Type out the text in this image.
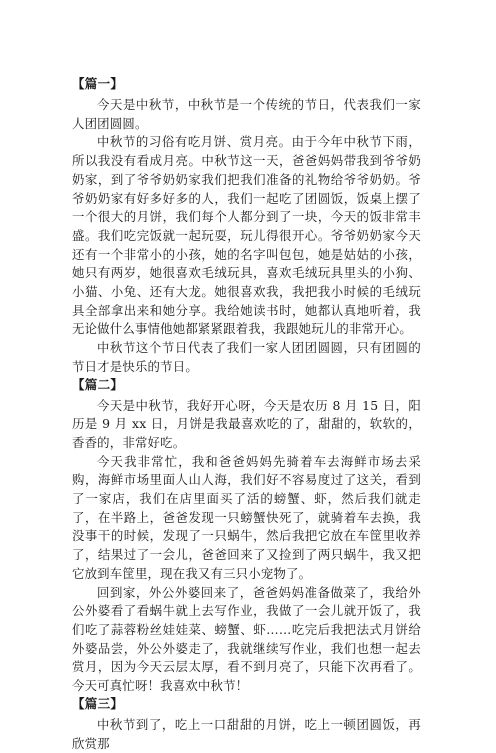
【篇一】

今天是中秋节，中秋节是一个传统的节日，代表我们一家人团团圆圆。

中秋节的习俗有吃月饼、赏月亮。由于今年中秋节下雨，所以我没有看成月亮。中秋节这一天，爸爸妈妈带我到爷爷奶奶家，到了爷爷奶奶家我们把我们准备的礼物给爷爷奶奶。爷爷奶奶家有好多好多的人，我们一起吃了团圆饭，饭桌上摆了一个很大的月饼，我们每个人都分到了一块，今天的饭非常丰盛。我们吃完饭就一起玩耍，玩儿得很开心。爷爷奶奶家今天还有一个非常小的小孩，她的名字叫包包，她是姑姑的小孩，她只有两岁，她很喜欢毛绒玩具，喜欢毛绒玩具里头的小狗、小猫、小兔、还有大龙。她很喜欢我，我把我小时候的毛绒玩具全部拿出来和她分享。我给她读书时，她都认真地听着，我无论做什么事情他她都紧紧跟着我，我跟她玩儿的非常开心。

中秋节这个节日代表了我们一家人团团圆圆，只有团圆的节日才是快乐的节日。

【篇二】

今天是中秋节，我好开心呀，今天是农历 8 月 15 日，阳历是 9 月 xx 日，月饼是我最喜欢吃的了，甜甜的，软软的，香香的，非常好吃。

今天我非常忙，我和爸爸妈妈先骑着车去海鲜市场去采购，海鲜市场里面人山人海，我们好不容易度过了这关，看到了一家店，我们在店里面买了活的螃蟹、虾，然后我们就走了，在半路上，爸爸发现一只螃蟹快死了，就骑着车去换，我没事干的时候，发现了一只蜗牛，然后我把它放在车筐里收养了，结果过了一会儿，爸爸回来了又捡到了两只蜗牛，我又把它放到车筐里，现在我又有三只小宠物了。

回到家，外公外婆回来了，爸爸妈妈准备做菜了，我给外公外婆看了看蜗牛就上去写作业，我做了一会儿就开饭了，我们吃了蒜蓉粉丝娃娃菜、螃蟹、虾……吃完后我把法式月饼给外婆品尝，外公外婆走了，我就继续写作业，我们也想一起去赏月，因为今天云层太厚，看不到月亮了，只能下次再看了。今天可真忙呀！我喜欢中秋节！

【篇三】

中秋节到了，吃上一口甜甜的月饼，吃上一顿团圆饭，再欣赏那
